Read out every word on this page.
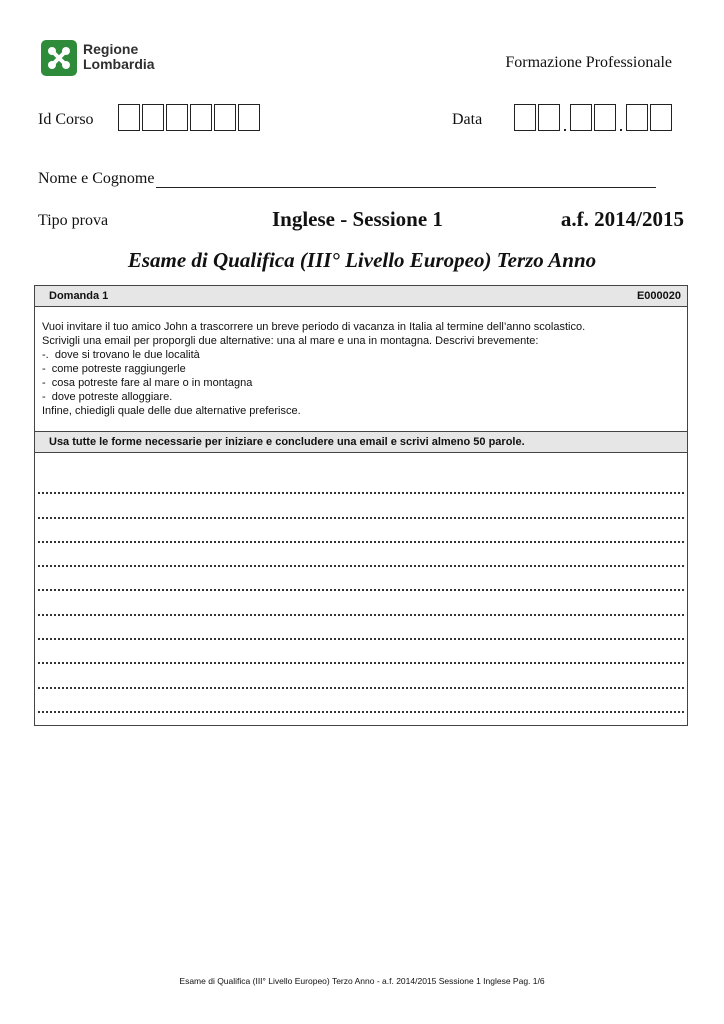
Regione
Lombardia	Formazione Professionale
Id Corso	Data
Nome e Cognome
Tipo prova	Inglese - Sessione 1	a.f. 2014/2015
Esame di Qualifica (III° Livello Europeo) Terzo Anno
Domanda 1	E000020
Vuoi invitare il tuo amico John a trascorrere un breve periodo di vacanza in Italia al termine dell’anno scolastico.
Scrivigli una email per proporgli due alternative: una al mare e una in montagna. Descrivi brevemente:
-.  dove si trovano le due località
-  come potreste raggiungerle
-  cosa potreste fare al mare o in montagna
-  dove potreste alloggiare.
Infine, chiedigli quale delle due alternative preferisce.
Usa tutte le forme necessarie per iniziare e concludere una email e scrivi almeno 50 parole.
Esame di Qualifica (III° Livello Europeo) Terzo Anno - a.f. 2014/2015 Sessione 1 Inglese Pag. 1/6
